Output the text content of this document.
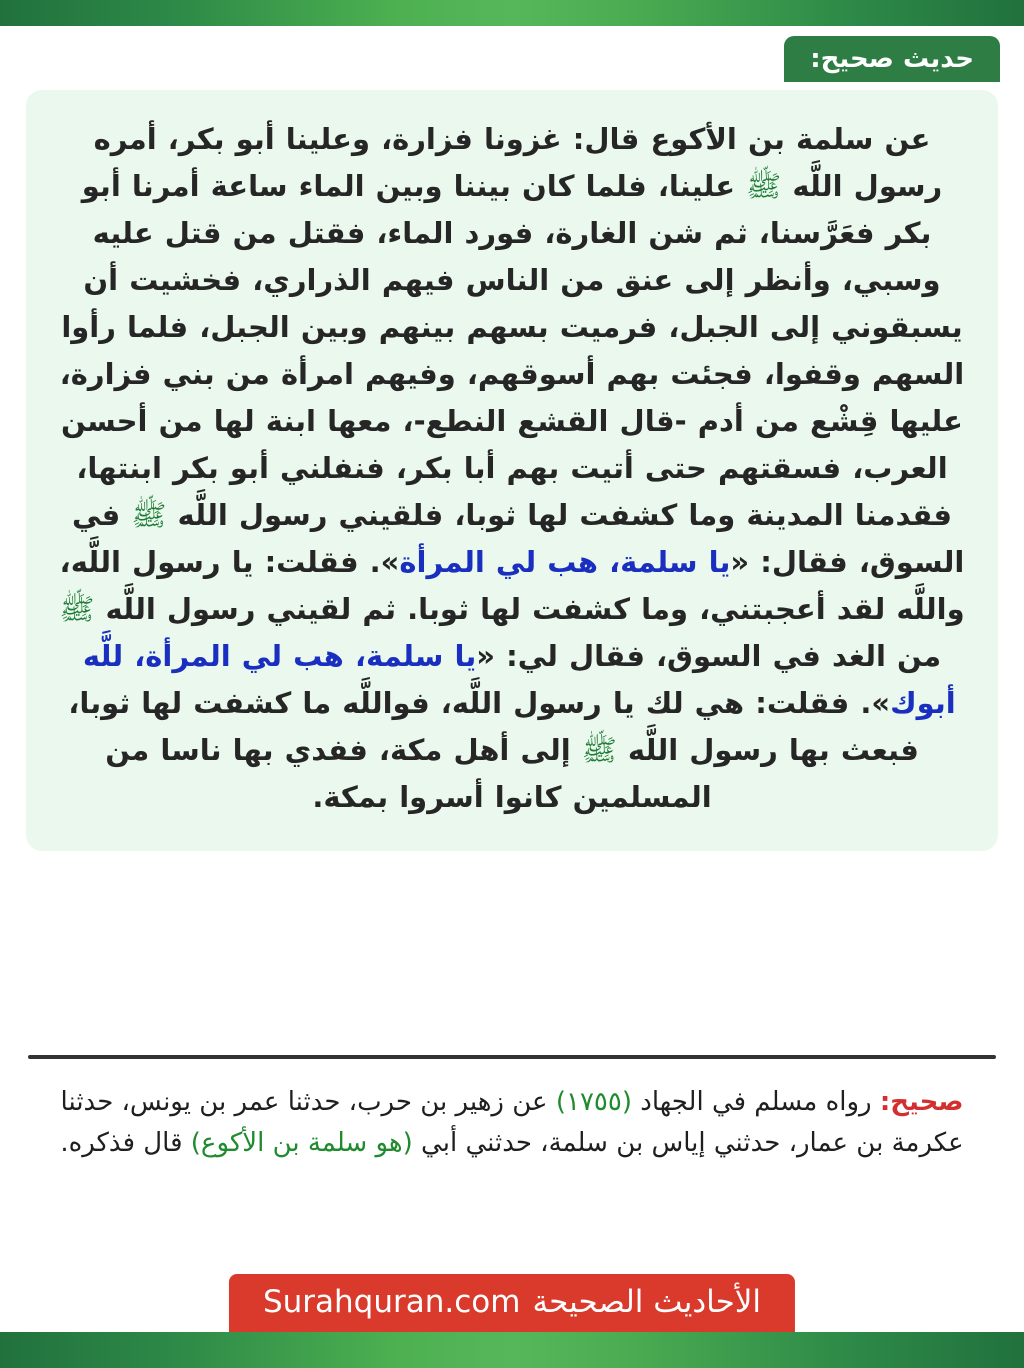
حديث صحيح:
عن سلمة بن الأكوع قال: غزونا فزارة، وعلينا أبو بكر، أمره رسول اللَّه ﷺ علينا، فلما كان بيننا وبين الماء ساعة أمرنا أبو بكر فعَرَّسنا، ثم شن الغارة، فورد الماء، فقتل من قتل عليه وسبي، وأنظر إلى عنق من الناس فيهم الذراري، فخشيت أن يسبقوني إلى الجبل، فرميت بسهم بينهم وبين الجبل، فلما رأوا السهم وقفوا، فجئت بهم أسوقهم، وفيهم امرأة من بني فزارة، عليها قِشْع من أدم -قال القشع النطع-، معها ابنة لها من أحسن العرب، فسقتهم حتى أتيت بهم أبا بكر، فنفلني أبو بكر ابنتها، فقدمنا المدينة وما كشفت لها ثوبا، فلقيني رسول اللَّه ﷺ في السوق، فقال: «يا سلمة، هب لي المرأة». فقلت: يا رسول اللَّه، واللَّه لقد أعجبتني، وما كشفت لها ثوبا. ثم لقيني رسول اللَّه ﷺ من الغد في السوق، فقال لي: «يا سلمة، هب لي المرأة، للَّه أبوك». فقلت: هي لك يا رسول اللَّه، فواللَّه ما كشفت لها ثوبا، فبعث بها رسول اللَّه ﷺ إلى أهل مكة، ففدي بها ناسا من المسلمين كانوا أسروا بمكة.
صحيح: رواه مسلم في الجهاد (١٧٥٥) عن زهير بن حرب، حدثنا عمر بن يونس، حدثنا عكرمة بن عمار، حدثني إياس بن سلمة، حدثني أبي (هو سلمة بن الأكوع) قال فذكره.
الأحاديث الصحيحة
Surahquran.com
